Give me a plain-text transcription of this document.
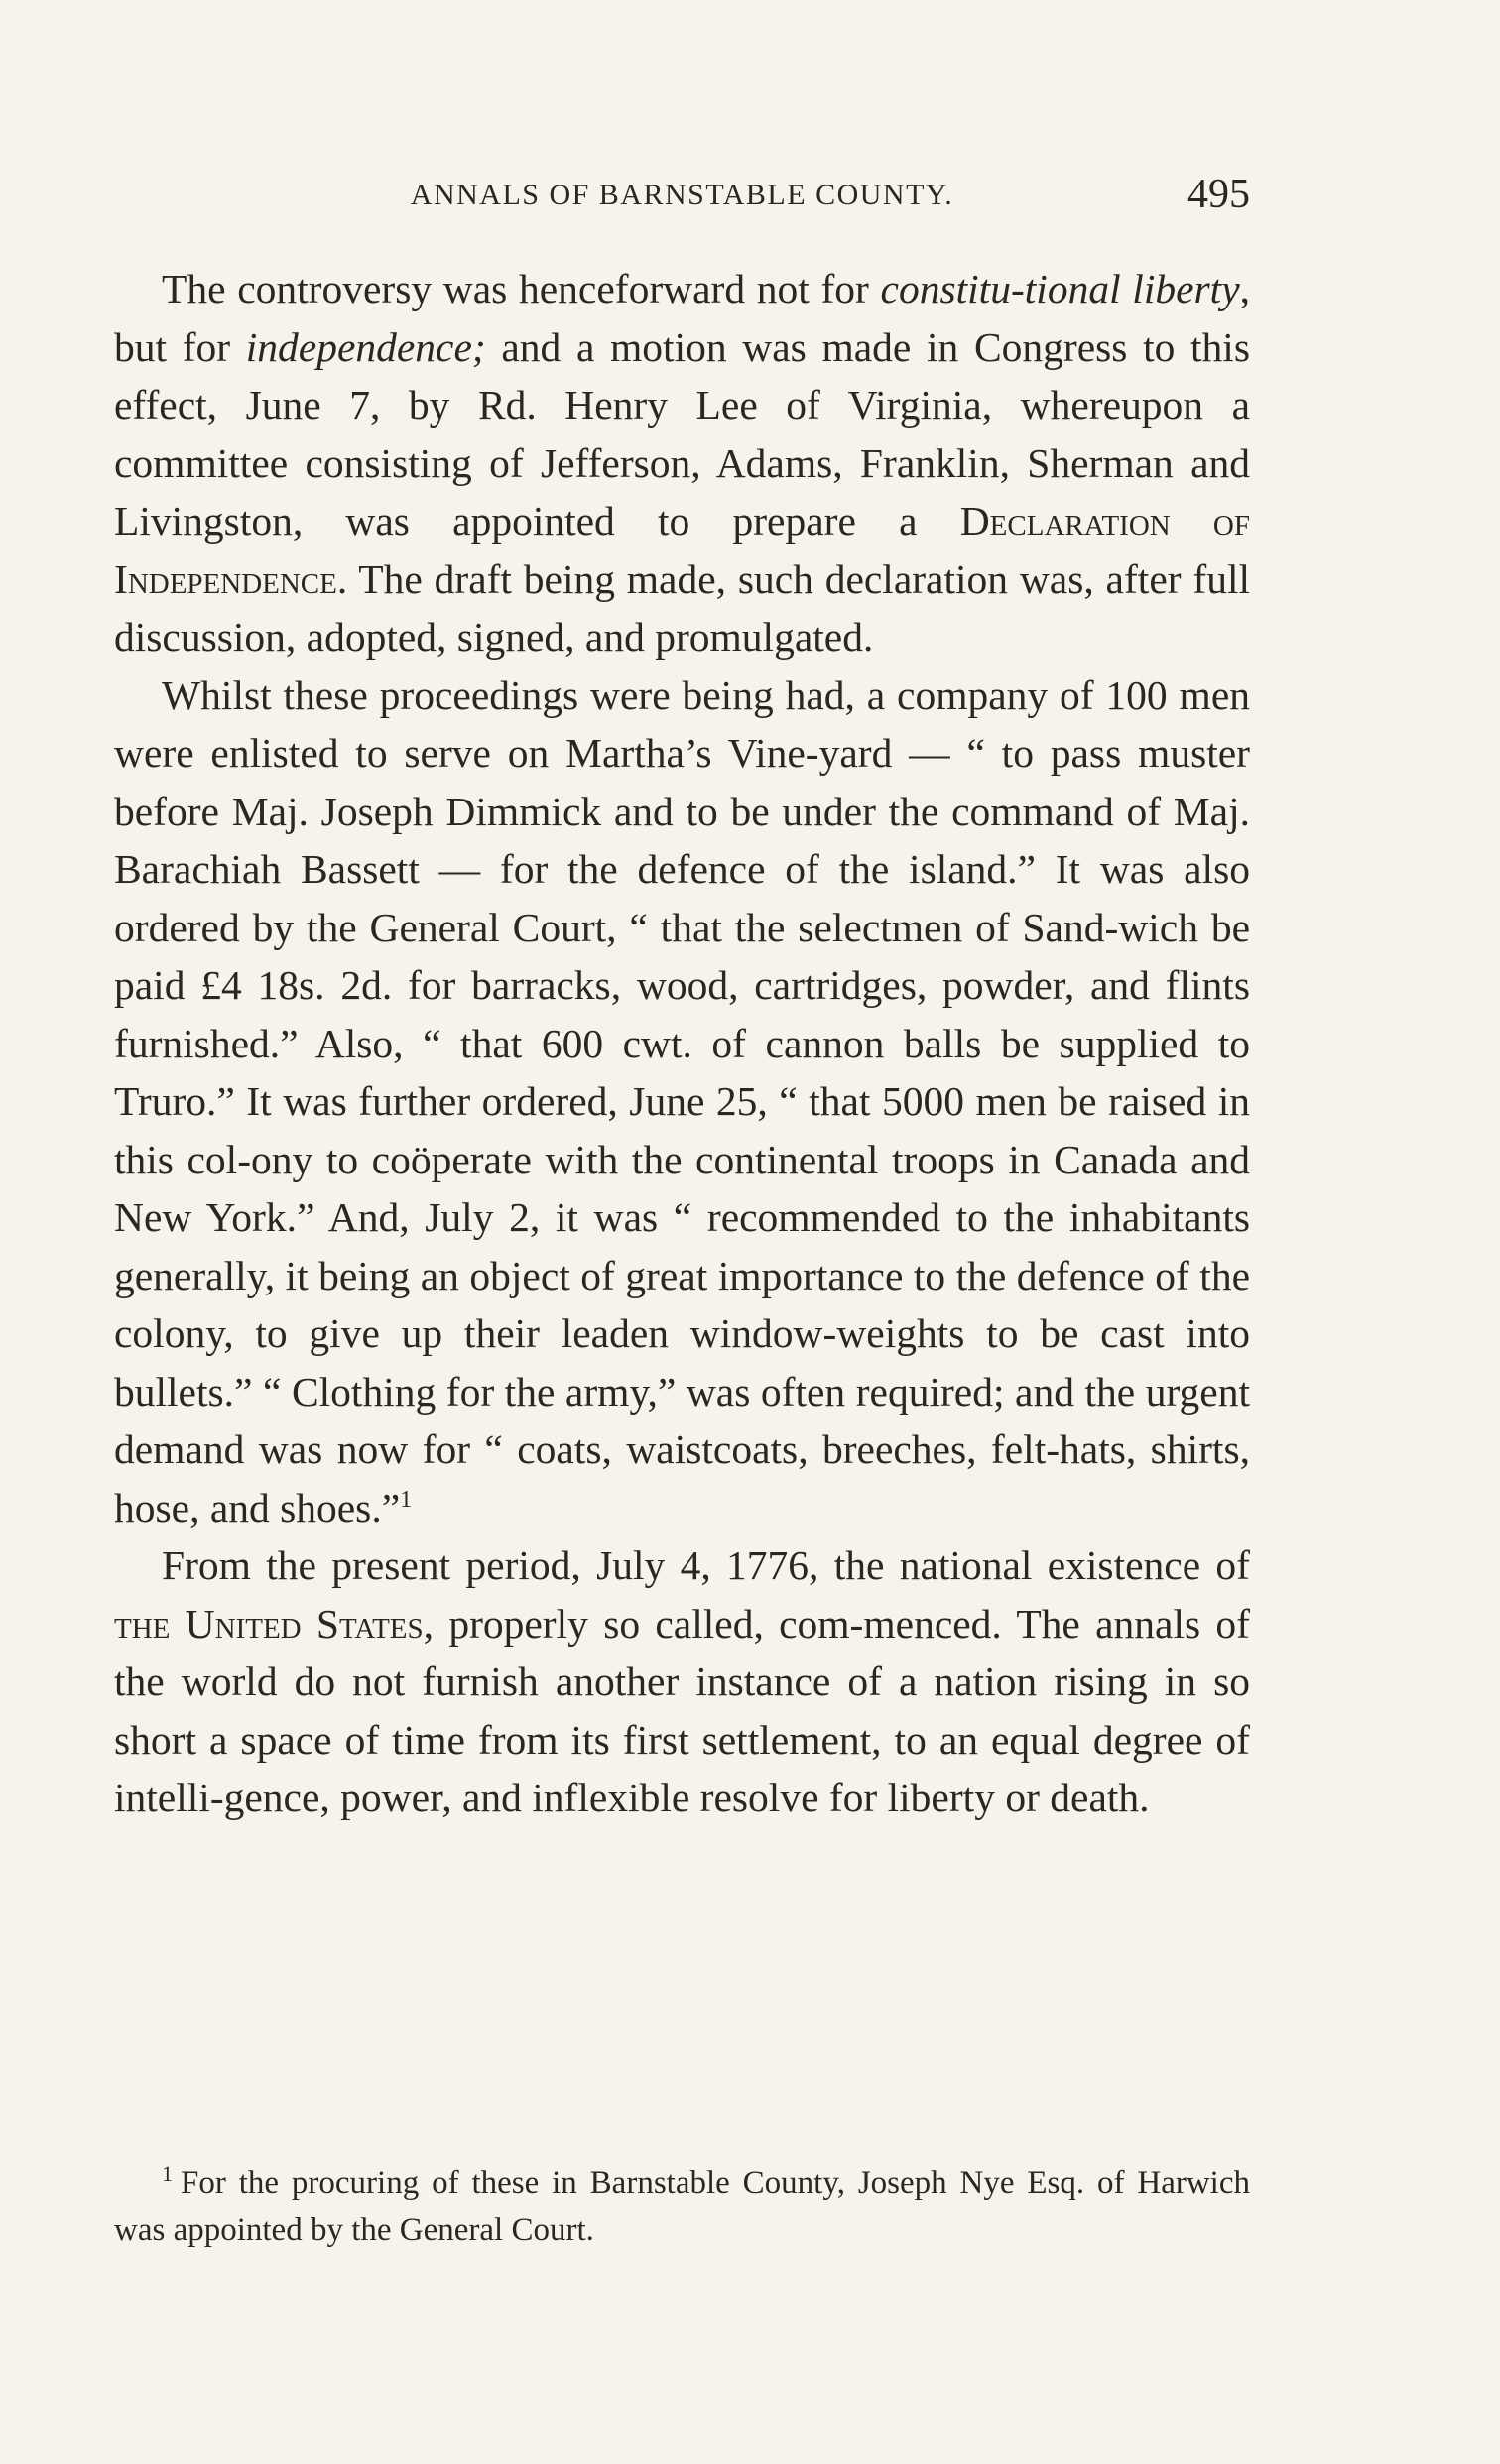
ANNALS OF BARNSTABLE COUNTY.	495

The controversy was henceforward not for constitu-tional liberty, but for independence; and a motion was made in Congress to this effect, June 7, by Rd. Henry Lee of Virginia, whereupon a committee consisting of Jefferson, Adams, Franklin, Sherman and Livingston, was appointed to prepare a Declaration of Independence. The draft being made, such declaration was, after full discussion, adopted, signed, and promulgated.

Whilst these proceedings were being had, a company of 100 men were enlisted to serve on Martha’s Vine-yard — “ to pass muster before Maj. Joseph Dimmick and to be under the command of Maj. Barachiah Bassett — for the defence of the island.” It was also ordered by the General Court, “ that the selectmen of Sand-wich be paid £4 18s. 2d. for barracks, wood, cartridges, powder, and flints furnished.” Also, “ that 600 cwt. of cannon balls be supplied to Truro.” It was further ordered, June 25, “ that 5000 men be raised in this col-ony to coöperate with the continental troops in Canada and New York.” And, July 2, it was “ recommended to the inhabitants generally, it being an object of great importance to the defence of the colony, to give up their leaden window-weights to be cast into bullets.” “ Clothing for the army,” was often required; and the urgent demand was now for “ coats, waistcoats, breeches, felt-hats, shirts, hose, and shoes.”$^1$

From the present period, July 4, 1776, the national existence of the United States, properly so called, com-menced. The annals of the world do not furnish another instance of a nation rising in so short a space of time from its first settlement, to an equal degree of intelli-gence, power, and inflexible resolve for liberty or death.

$^1$ For the procuring of these in Barnstable County, Joseph Nye Esq. of Harwich was appointed by the General Court.
